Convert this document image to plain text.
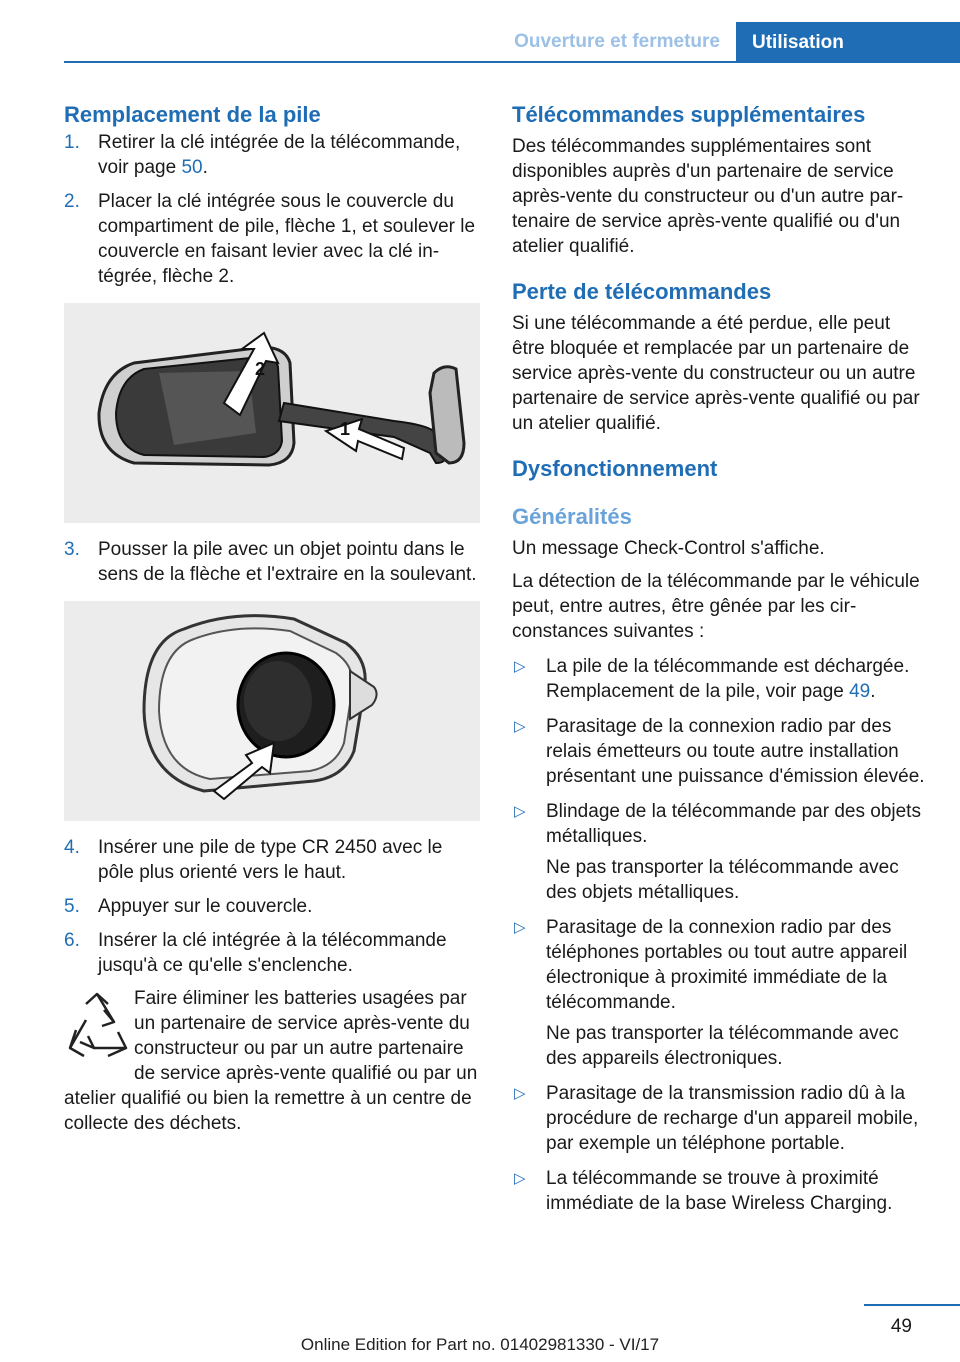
Ouverture et fermeture	Utilisation
Remplacement de la pile
1. Retirer la clé intégrée de la télécommande, voir page 50.
2. Placer la clé intégrée sous le couvercle du compartiment de pile, flèche 1, et soulever le couvercle en faisant levier avec la clé intégrée, flèche 2.
2
1
3. Pousser la pile avec un objet pointu dans le sens de la flèche et l'extraire en la soulevant.
4. Insérer une pile de type CR 2450 avec le pôle plus orienté vers le haut.
5. Appuyer sur le couvercle.
6. Insérer la clé intégrée à la télécommande jusqu'à ce qu'elle s'enclenche.
Faire éliminer les batteries usagées par un partenaire de service après-vente du constructeur ou par un autre partenaire de service après-vente qualifié ou par un atelier qualifié ou bien la remettre à un centre de collecte des déchets.
Télécommandes supplémentaires

Des télécommandes supplémentaires sont disponibles auprès d'un partenaire de service après-vente du constructeur ou d'un autre partenaire de service après-vente qualifié ou d'un atelier qualifié.

Perte de télécommandes

Si une télécommande a été perdue, elle peut être bloquée et remplacée par un partenaire de service après-vente du constructeur ou un autre partenaire de service après-vente qualifié ou par un atelier qualifié.

Dysfonctionnement
Généralités

Un message Check-Control s'affiche.

La détection de la télécommande par le véhicule peut, entre autres, être gênée par les circonstances suivantes :

▷	La pile de la télécommande est déchargée. Remplacement de la pile, voir page 49.
▷	Parasitage de la connexion radio par des relais émetteurs ou toute autre installation présentant une puissance d'émission élevée.
▷	Blindage de la télécommande par des objets métalliques.

Ne pas transporter la télécommande avec des objets métalliques.

▷	Parasitage de la connexion radio par des téléphones portables ou tout autre appareil électronique à proximité immédiate de la télécommande.

Ne pas transporter la télécommande avec des appareils électroniques.

▷	Parasitage de la transmission radio dû à la procédure de recharge d'un appareil mobile, par exemple un téléphone portable.
▷	La télécommande se trouve à proximité immédiate de la base Wireless Charging.
49
Online Edition for Part no. 01402981330 - VI/17
